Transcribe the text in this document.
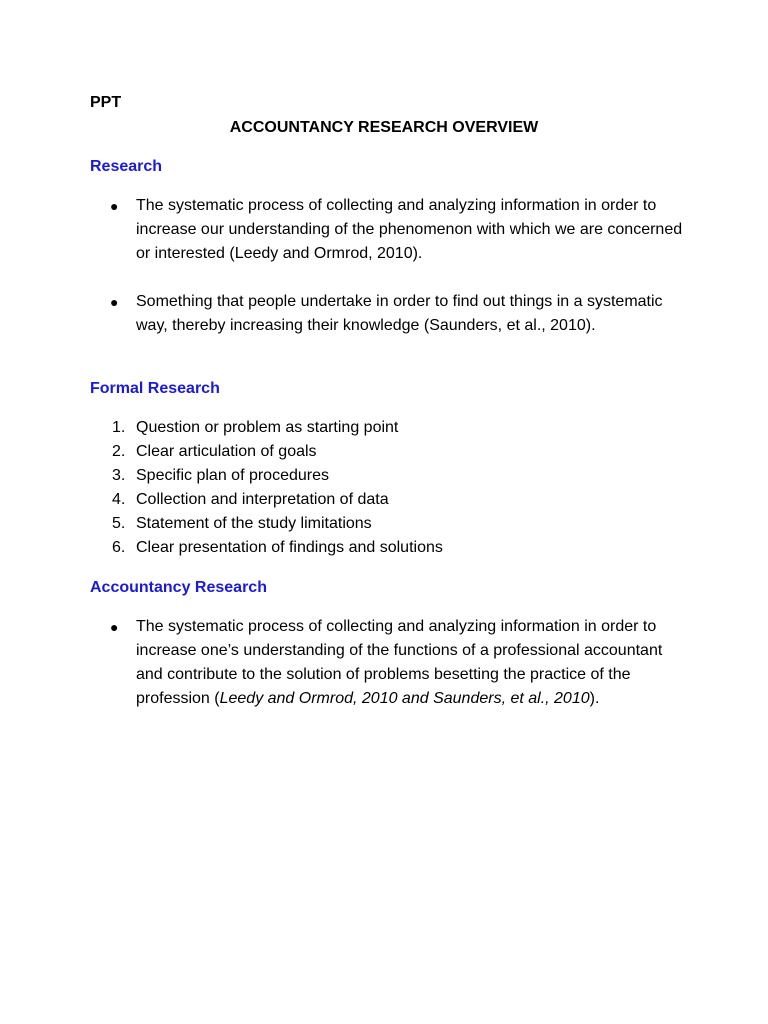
PPT
ACCOUNTANCY RESEARCH OVERVIEW
Research
● The systematic process of collecting and analyzing information in order to increase our understanding of the phenomenon with which we are concerned or interested (Leedy and Ormrod, 2010).
● Something that people undertake in order to find out things in a systematic way, thereby increasing their knowledge (Saunders, et al., 2010).
Formal Research
1. Question or problem as starting point
2. Clear articulation of goals
3. Specific plan of procedures
4. Collection and interpretation of data
5. Statement of the study limitations
6. Clear presentation of findings and solutions
Accountancy Research
● The systematic process of collecting and analyzing information in order to increase one’s understanding of the functions of a professional accountant and contribute to the solution of problems besetting the practice of the profession (Leedy and Ormrod, 2010 and Saunders, et al., 2010).
